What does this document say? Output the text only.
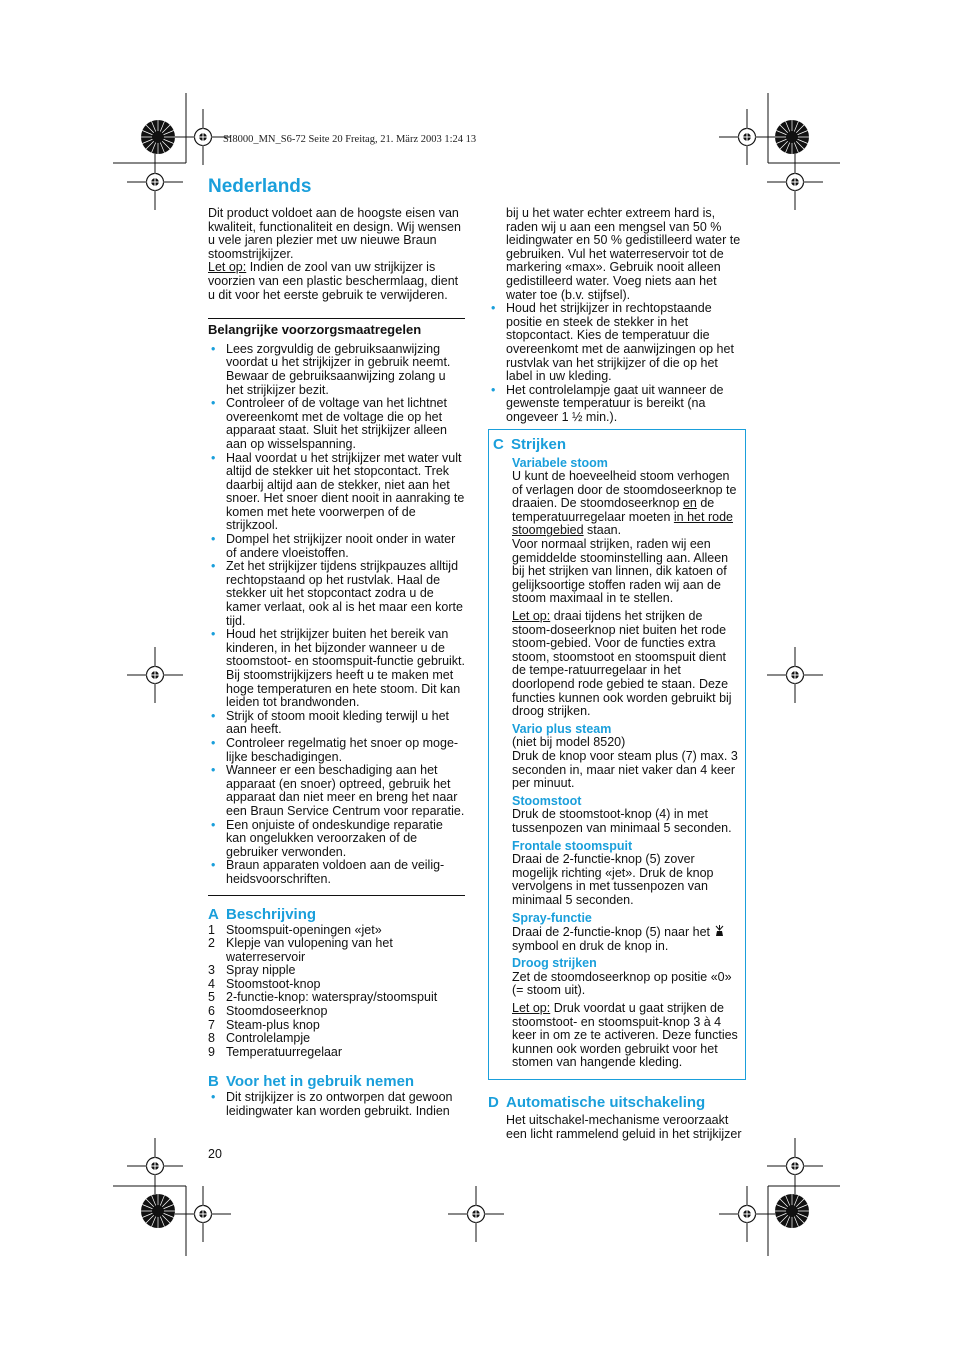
SI8000_MN_S6-72 Seite 20 Freitag, 21. März 2003 1:24 13
Nederlands

Dit product voldoet aan de hoogste eisen van kwaliteit, functionaliteit en design. Wij wensen u vele jaren plezier met uw nieuwe Braun stoomstrijkijzer.

Let op: Indien de zool van uw strijkijzer is voorzien van een plastic beschermlaag, dient u dit voor het eerste gebruik te verwijderen.

Belangrijke voorzorgsmaatregelen

• Lees zorgvuldig de gebruiksaanwijzing voordat u het strijkijzer in gebruik neemt. Bewaar de gebruiksaanwijzing zolang u het strijkijzer bezit.
• Controleer of de voltage van het lichtnet overeenkomt met de voltage die op het apparaat staat. Sluit het strijkijzer alleen aan op wisselspanning.
• Haal voordat u het strijkijzer met water vult altijd de stekker uit het stopcontact. Trek daarbij altijd aan de stekker, niet aan het snoer. Het snoer dient nooit in aanraking te komen met hete voorwerpen of de strijkzool.
• Dompel het strijkijzer nooit onder in water of andere vloeistoffen.
• Zet het strijkijzer tijdens strijkpauzes alltijd rechtopstaand op het rustvlak. Haal de stekker uit het stopcontact zodra u de kamer verlaat, ook al is het maar een korte tijd.
• Houd het strijkijzer buiten het bereik van kinderen, in het bijzonder wanneer u de stoomstoot- en stoomspuit-functie gebruikt. Bij stoomstrijkijzers heeft u te maken met hoge temperaturen en hete stoom. Dit kan leiden tot brandwonden.
• Strijk of stoom mooit kleding terwijl u het aan heeft.
• Controleer regelmatig het snoer op moge-lijke beschadigingen.
• Wanneer er een beschadiging aan het apparaat (en snoer) optreed, gebruik het apparaat dan niet meer en breng het naar een Braun Service Centrum voor reparatie.
• Een onjuiste of ondeskundige reparatie kan ongelukken veroorzaken of de gebruiker verwonden.
• Braun apparaten voldoen aan de veilig-heidsvoorschriften.
A Beschrijving
1 Stoomspuit-openingen «jet»
2 Klepje van vulopening van het waterreservoir
3 Spray nipple
4 Stoomstoot-knop
5 2-functie-knop: waterspray/stoomspuit
6 Stoomdoseerknop
7 Steam-plus knop
8 Controlelampje
9 Temperatuurregelaar
B Voor het in gebruik nemen
• Dit strijkijzer is zo ontworpen dat gewoon leidingwater kan worden gebruikt. Indien

bij u het water echter extreem hard is, raden wij u aan een mengsel van 50 % leidingwater en 50 % gedistilleerd water te gebruiken. Vul het waterreservoir tot de markering «max». Gebruik nooit alleen gedistilleerd water. Voeg niets aan het water toe (b.v. stijfsel).

• Houd het strijkijzer in rechtopstaande positie en steek de stekker in het stopcontact. Kies de temperatuur die overeenkomt met de aanwijzingen op het rustvlak van het strijkijzer of die op het label in uw kleding.
• Het controlelampje gaat uit wanneer de gewenste temperatuur is bereikt (na ongeveer 1 ½ min.).
C Strijken

Variabele stoom

U kunt de hoeveelheid stoom verhogen of verlagen door de stoomdoseerknop te draaien. De stoomdoseerknop en de temperatuurregelaar moeten in het rode stoomgebied staan.

Voor normaal strijken, raden wij een gemiddelde stoominstelling aan. Alleen bij het strijken van linnen, dik katoen of gelijksoortige stoffen raden wij aan de stoom maximaal in te stellen.

Let op: draai tijdens het strijken de stoom-doseerknop niet buiten het rode stoom-gebied. Voor de functies extra stoom, stoomstoot en stoomspuit dient de tempe-ratuurregelaar in het doorlopend rode gebied te staan. Deze functies kunnen ook worden gebruikt bij droog strijken.

Vario plus steam

(niet bij model 8520)

Druk de knop voor steam plus (7) max. 3 seconden in, maar niet vaker dan 4 keer per minuut.

Stoomstoot

Druk de stoomstoot-knop (4) in met tussenpozen van minimaal 5 seconden.

Frontale stoomspuit

Draai de 2-functie-knop (5) zover mogelijk richting «jet». Druk de knop vervolgens in met tussenpozen van minimaal 5 seconden.

Spray-functie

Draai de 2-functie-knop (5) naar het  symbool en druk de knop in.

Droog strijken

Zet de stoomdoseerknop op positie «0» (= stoom uit).

Let op: Druk voordat u gaat strijken de stoomstoot- en stoomspuit-knop 3 à 4 keer in om ze te activeren. Deze functies kunnen ook worden gebruikt voor het stomen van hangende kleding.

D Automatische uitschakeling

Het uitschakel-mechanisme veroorzaakt een licht rammelend geluid in het strijkijzer

20
